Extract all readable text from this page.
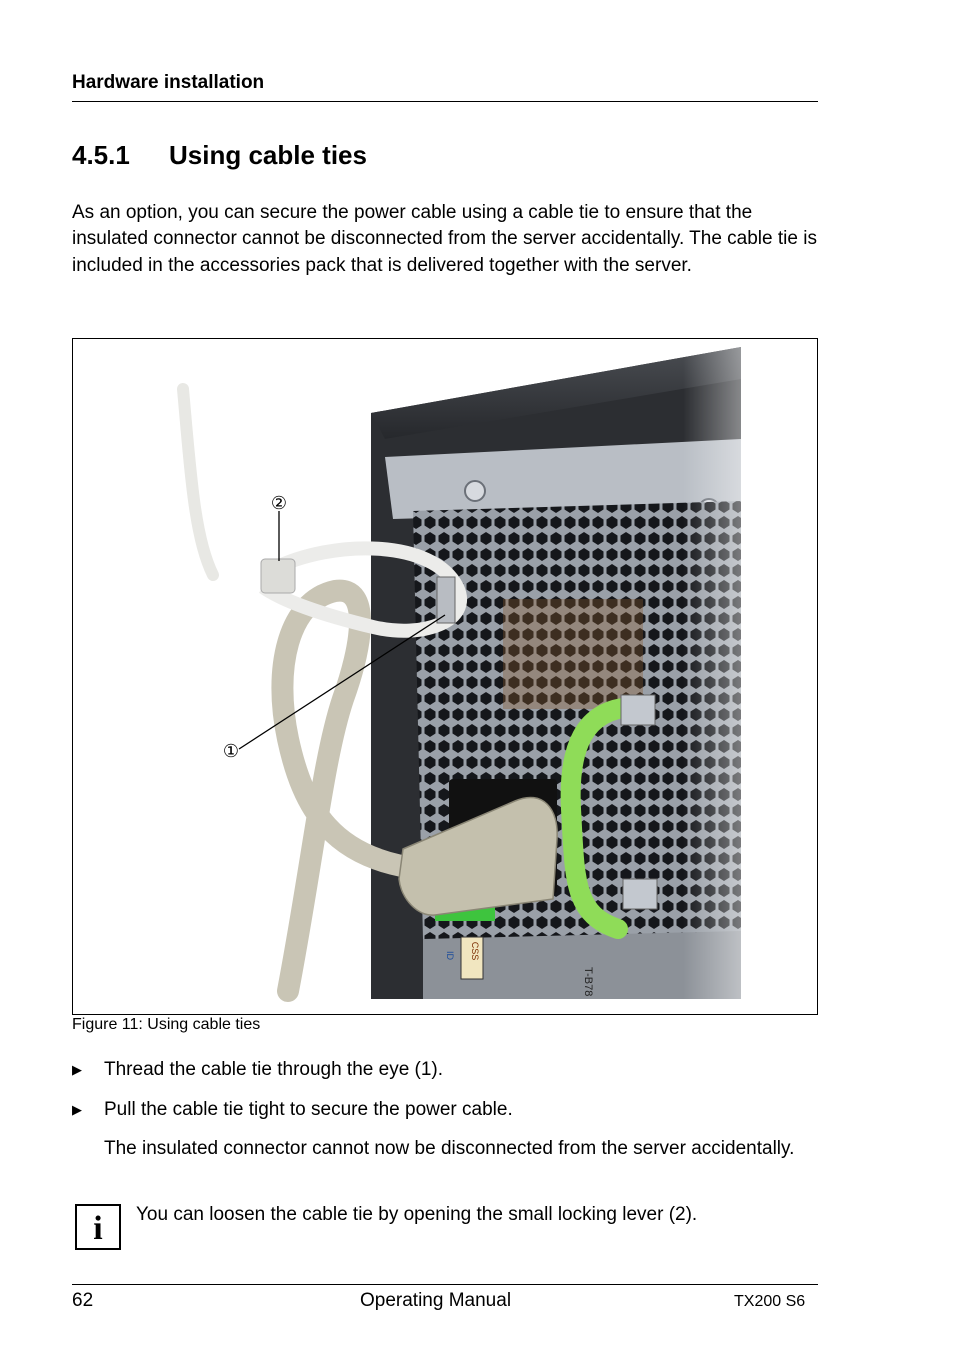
Hardware installation
4.5.1 Using cable ties

As an option, you can secure the power cable using a cable tie to ensure that the insulated connector cannot be disconnected from the server accidentally. The cable tie is included in the accessories pack that is delivered together with the server.

Figure 11: Using cable ties
▶ Thread the cable tie through the eye (1).
▶ Pull the cable tie tight to secure the power cable.

The insulated connector cannot now be disconnected from the server accidentally.

i	You can loosen the cable tie by opening the small locking lever (2).
62	Operating Manual	TX200 S6
